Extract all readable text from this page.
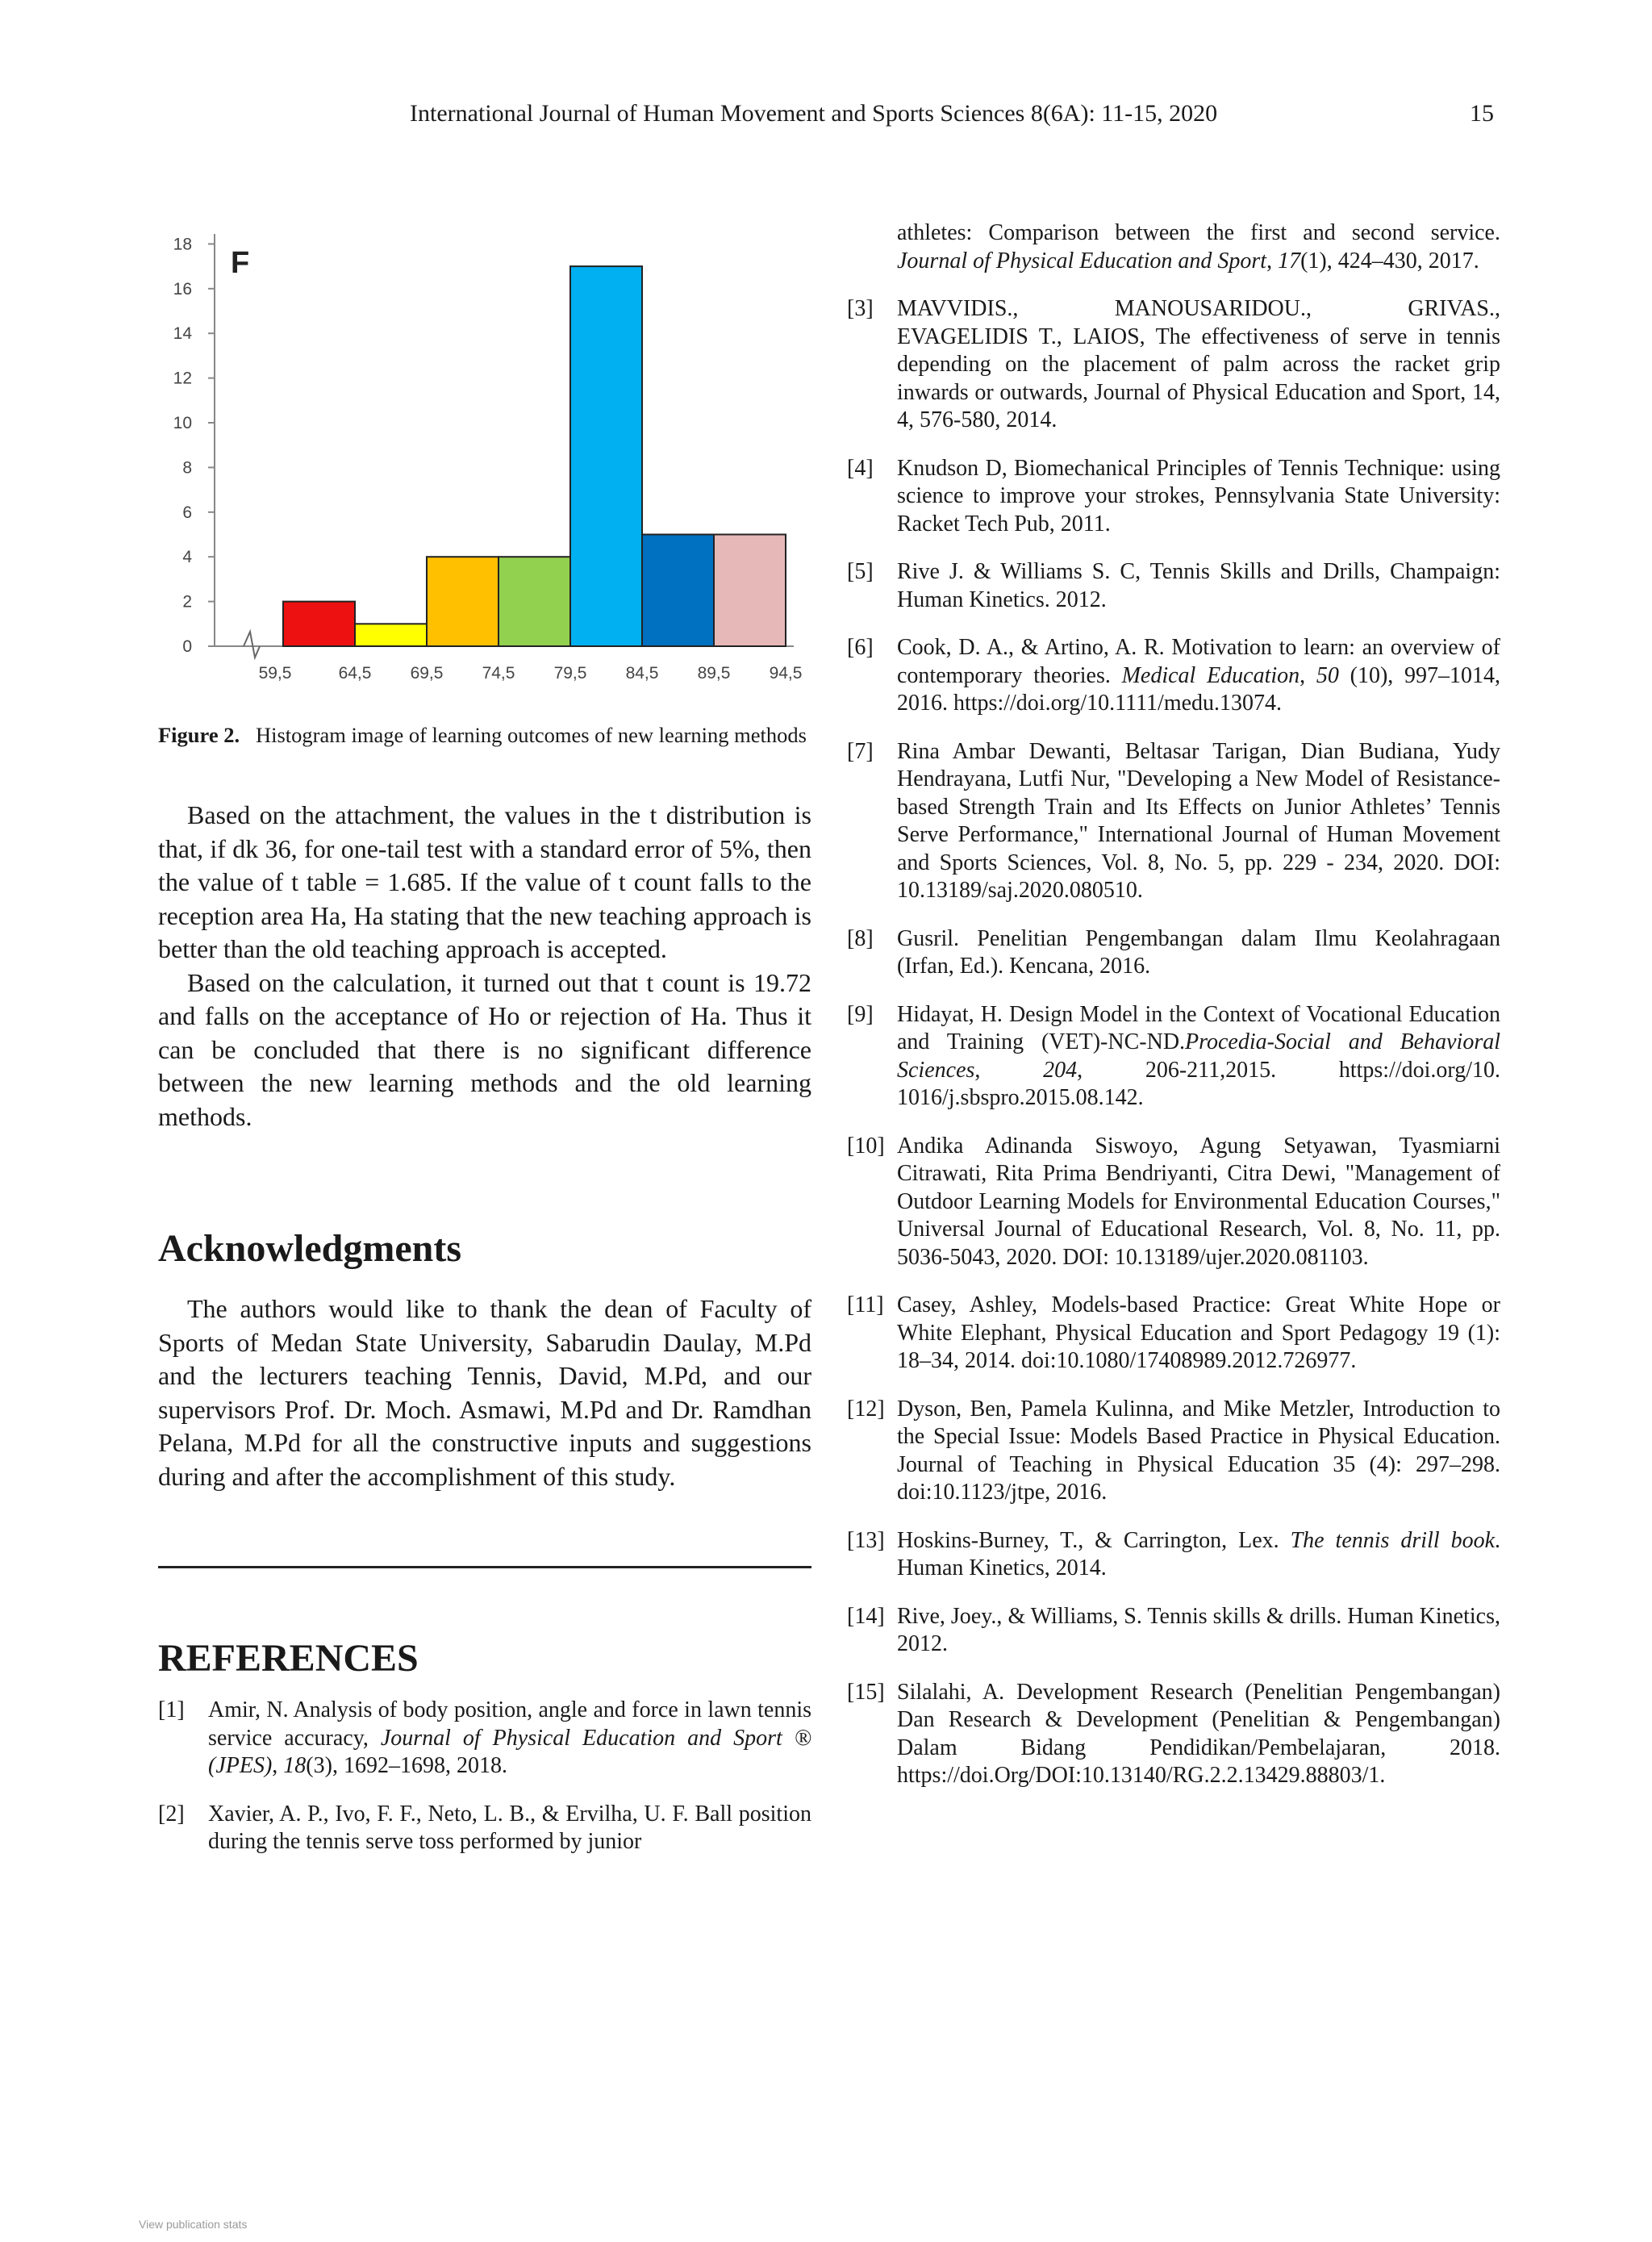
International Journal of Human Movement and Sports Sciences 8(6A): 11-15, 2020	15
0
2
4
6
8
10
12
14
16
18
F
59,5	64,5 69,5 74,5 79,5 84,5 89,5 94,5
Figure 2. Histogram image of learning outcomes of new learning methods

Based on the attachment, the values in the t distribution is that, if dk 36, for one-tail test with a standard error of 5%, then the value of t table = 1.685. If the value of t count falls to the reception area Ha, Ha stating that the new teaching approach is better than the old teaching approach is accepted.

Based on the calculation, it turned out that t count is 19.72 and falls on the acceptance of Ho or rejection of Ha. Thus it can be concluded that there is no significant difference between the new learning methods and the old learning methods.

Acknowledgments

The authors would like to thank the dean of Faculty of Sports of Medan State University, Sabarudin Daulay, M.Pd and the lecturers teaching Tennis, David, M.Pd, and our supervisors Prof. Dr. Moch. Asmawi, M.Pd and Dr. Ramdhan Pelana, M.Pd for all the constructive inputs and suggestions during and after the accomplishment of this study.

REFERENCES
[1] Amir, N. Analysis of body position, angle and force in lawn tennis service accuracy, Journal of Physical Education and Sport ® (JPES), 18(3), 1692–1698, 2018.
[2] Xavier, A. P., Ivo, F. F., Neto, L. B., & Ervilha, U. F. Ball position during the tennis serve toss performed by junior
athletes: Comparison between the first and second service. Journal of Physical Education and Sport, 17(1), 424–430, 2017.
[3] MAVVIDIS.,         MANOUSARIDOU.,         GRIVAS., EVAGELIDIS T., LAIOS, The effectiveness of serve in tennis depending on the placement of palm across the racket grip inwards or outwards, Journal of Physical Education and Sport, 14, 4, 576-580, 2014.
[4] Knudson D, Biomechanical Principles of Tennis Technique: using science to improve your strokes, Pennsylvania State University: Racket Tech Pub, 2011.
[5] Rive J. & Williams S. C, Tennis Skills and Drills, Champaign: Human Kinetics. 2012.
[6] Cook, D. A., & Artino, A. R. Motivation to learn: an overview of contemporary theories. Medical Education, 50 (10), 997–1014, 2016. https://doi.org/10.1111/medu.13074.
[7] Rina Ambar Dewanti, Beltasar Tarigan, Dian Budiana, Yudy Hendrayana, Lutfi Nur, "Developing a New Model of Resistance-based Strength Train and Its Effects on Junior Athletes’ Tennis Serve Performance," International Journal of Human Movement and Sports Sciences, Vol. 8, No. 5, pp. 229 - 234, 2020. DOI: 10.13189/saj.2020.080510.
[8] Gusril. Penelitian Pengembangan dalam Ilmu Keolahragaan (Irfan, Ed.). Kencana, 2016.
[9] Hidayat, H. Design Model in the Context of Vocational Education and Training (VET)-NC-ND.Procedia-Social and Behavioral Sciences, 204, 206-211,2015. https://doi.org/10. 1016/j.sbspro.2015.08.142.
[10] Andika Adinanda Siswoyo, Agung Setyawan, Tyasmiarni Citrawati, Rita Prima Bendriyanti, Citra Dewi, "Management of Outdoor Learning Models for Environmental Education Courses," Universal Journal of Educational Research, Vol. 8, No. 11, pp. 5036-5043, 2020. DOI: 10.13189/ujer.2020.081103.
[11] Casey, Ashley, Models-based Practice: Great White Hope or White Elephant, Physical Education and Sport Pedagogy 19 (1): 18–34, 2014. doi:10.1080/17408989.2012.726977.
[12] Dyson, Ben, Pamela Kulinna, and Mike Metzler, Introduction to the Special Issue: Models Based Practice in Physical Education. Journal of Teaching in Physical Education 35 (4): 297–298. doi:10.1123/jtpe, 2016.
[13] Hoskins-Burney, T., & Carrington, Lex. The tennis drill book. Human Kinetics, 2014.
[14] Rive, Joey., & Williams, S. Tennis skills & drills. Human Kinetics, 2012.
[15] Silalahi, A. Development Research (Penelitian Pengembangan) Dan Research & Development (Penelitian & Pengembangan) Dalam Bidang Pendidikan/Pembelajaran, 2018. https://doi.Org/DOI:10.13140/RG.2.2.13429.88803/1.
View publication stats
